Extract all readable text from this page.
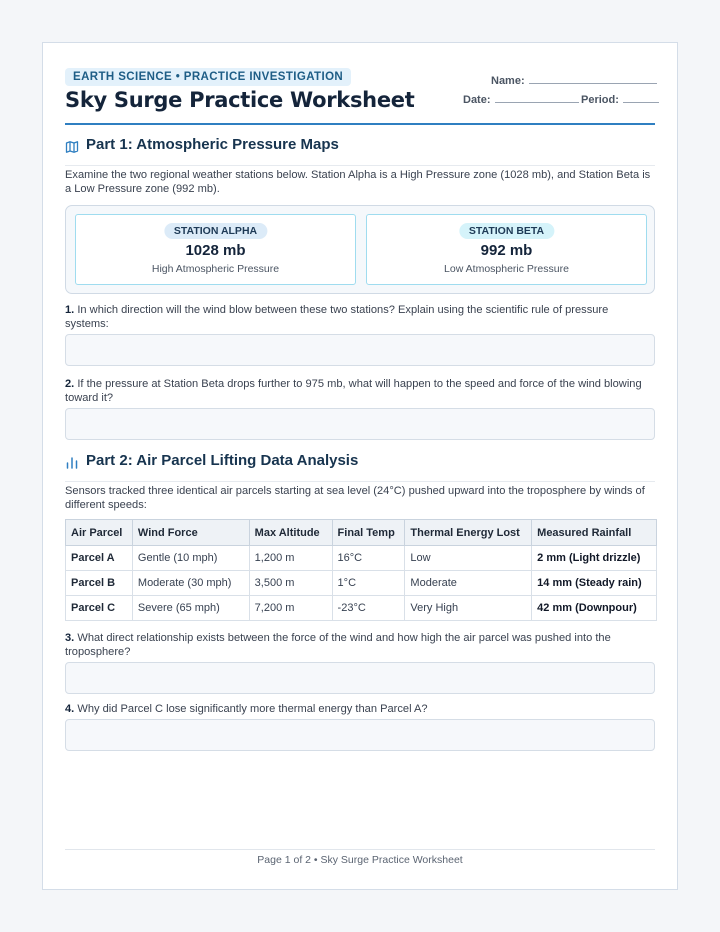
EARTH SCIENCE • PRACTICE INVESTIGATION
Sky Surge Practice Worksheet
Name:
Date:	Period:
Part 1: Atmospheric Pressure Maps
Examine the two regional weather stations below. Station Alpha is a High Pressure zone (1028 mb), and Station Beta is a Low Pressure zone (992 mb).
STATION ALPHA
1028 mb
High Atmospheric Pressure
STATION BETA
992 mb
Low Atmospheric Pressure
1. In which direction will the wind blow between these two stations? Explain using the scientific rule of pressure systems:
2. If the pressure at Station Beta drops further to 975 mb, what will happen to the speed and force of the wind blowing toward it?
Part 2: Air Parcel Lifting Data Analysis
Sensors tracked three identical air parcels starting at sea level (24°C) pushed upward into the troposphere by winds of different speeds:
Air Parcel	Wind Force	Max Altitude	Final Temp	Thermal Energy Lost	Measured Rainfall
Parcel A	Gentle (10 mph)	1,200 m	16°C	Low	2 mm (Light drizzle)
Parcel B	Moderate (30 mph)	3,500 m	1°C	Moderate	14 mm (Steady rain)
Parcel C	Severe (65 mph)	7,200 m	-23°C	Very High	42 mm (Downpour)
3. What direct relationship exists between the force of the wind and how high the air parcel was pushed into the troposphere?
4. Why did Parcel C lose significantly more thermal energy than Parcel A?
Page 1 of 2 • Sky Surge Practice Worksheet
